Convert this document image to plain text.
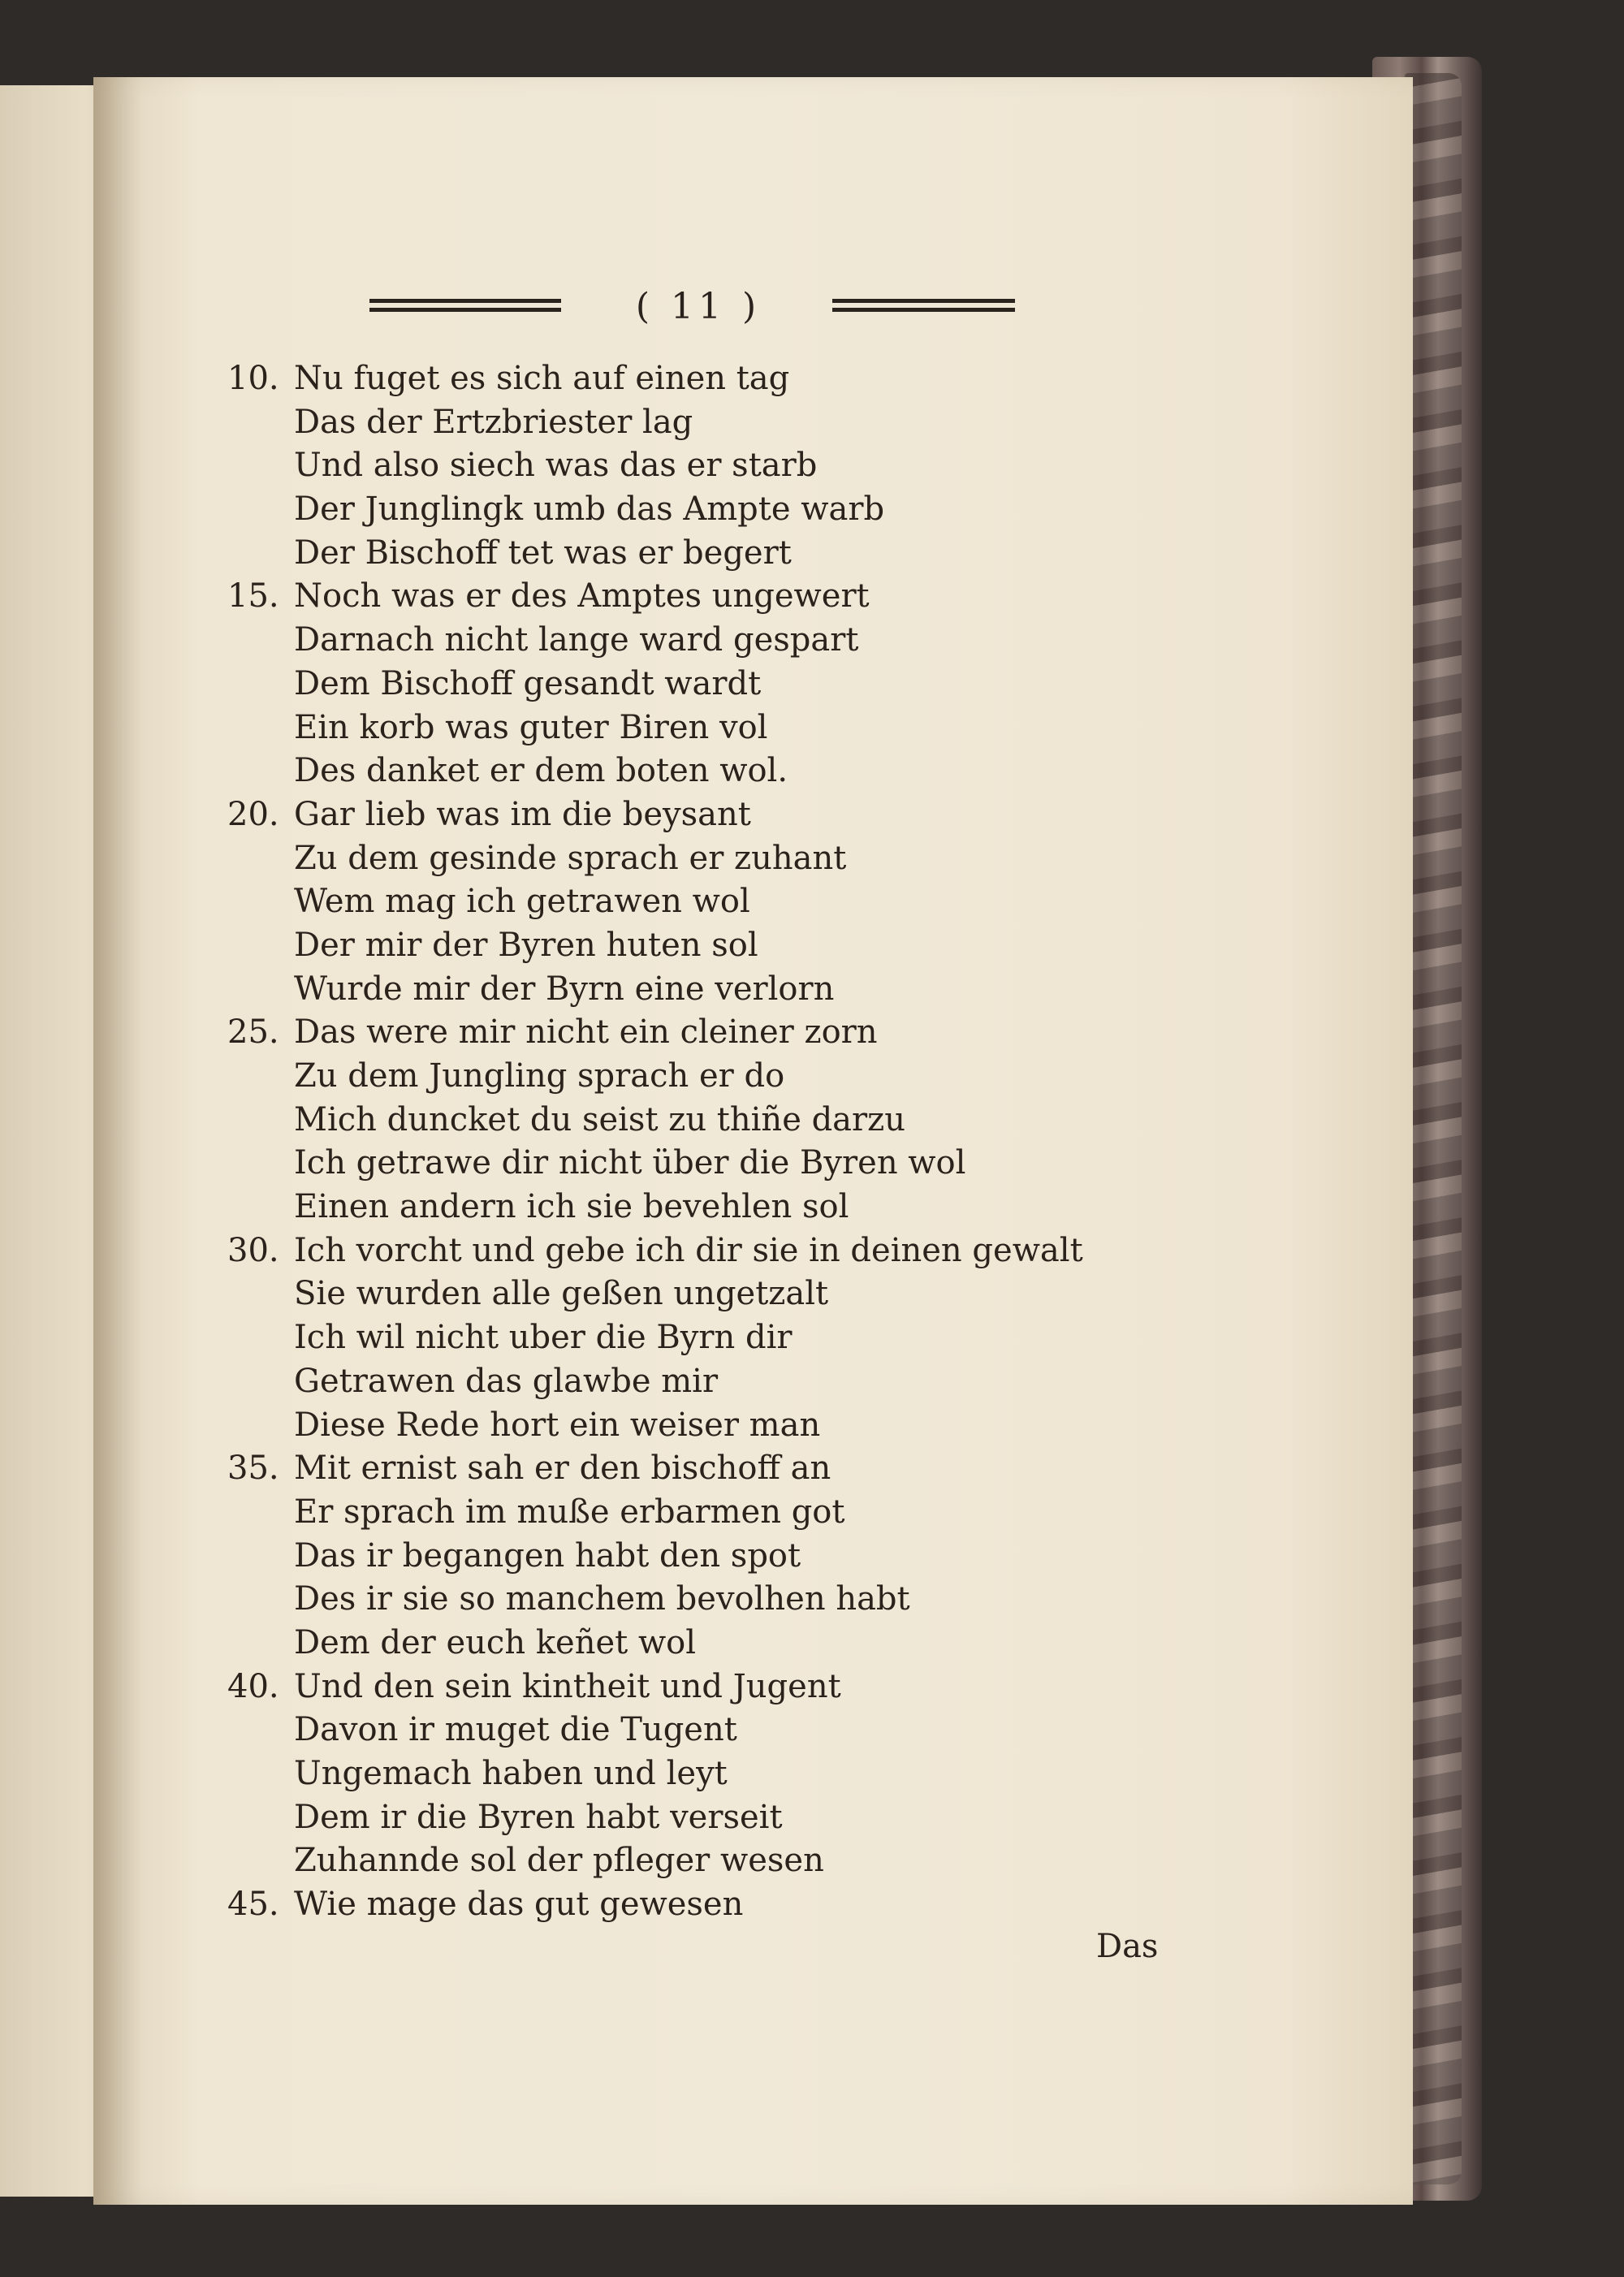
( 11 )
10. Nu fuget es sich auf einen tag
Das der Ertzbriester lag
Und also siech was das er starb
Der Junglingk umb das Ampte warb
Der Bischoff tet was er begert
15. Noch was er des Amptes ungewert
Darnach nicht lange ward gespart
Dem Bischoff gesandt wardt
Ein korb was guter Biren vol
Des danket er dem boten wol.
20. Gar lieb was im die beysant
Zu dem gesinde sprach er zuhant
Wem mag ich getrawen wol
Der mir der Byren huten sol
Wurde mir der Byrn eine verlorn
25. Das were mir nicht ein cleiner zorn
Zu dem Jungling sprach er do
Mich duncket du seist zu thiñe darzu
Ich getrawe dir nicht über die Byren wol
Einen andern ich sie bevehlen sol
30. Ich vorcht und gebe ich dir sie in deinen gewalt
Sie wurden alle geßen ungetzalt
Ich wil nicht uber die Byrn dir
Getrawen das glawbe mir
Diese Rede hort ein weiser man
35. Mit ernist sah er den bischoff an
Er sprach im muße erbarmen got
Das ir begangen habt den spot
Des ir sie so manchem bevolhen habt
Dem der euch keñet wol
40. Und den sein kintheit und Jugent
Davon ir muget die Tugent
Ungemach haben und leyt
Dem ir die Byren habt verseit
Zuhannde sol der pfleger wesen
45. Wie mage das gut gewesen
Das
